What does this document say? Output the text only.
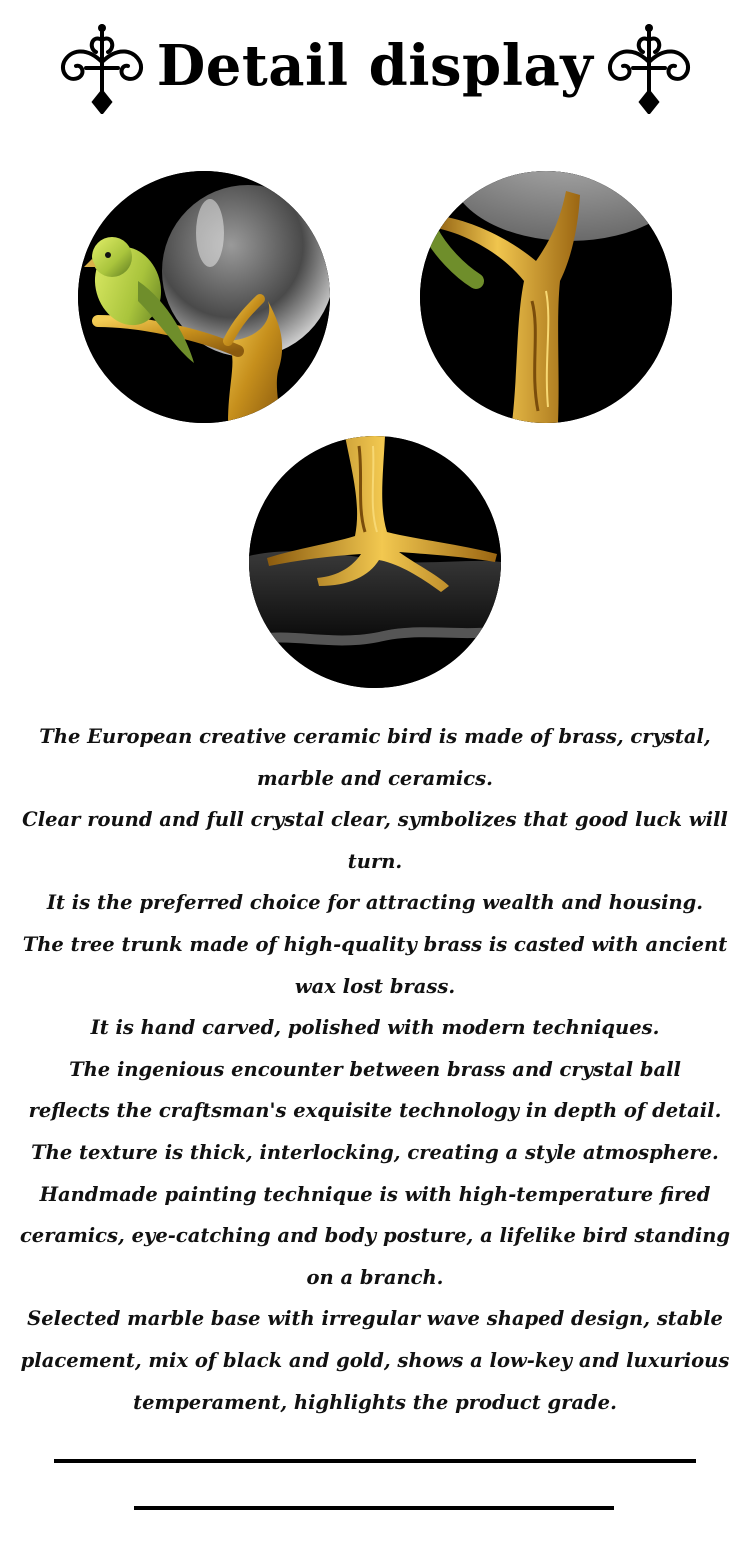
Detail display
The European creative ceramic bird is made of brass, crystal,
marble and ceramics.
Clear round and full crystal clear, symbolizes that good luck will
turn.
It is the preferred choice for attracting wealth and housing.
The tree trunk made of high-quality brass is casted with ancient
wax lost brass.
It is hand carved, polished with modern techniques.
The ingenious encounter between brass and crystal ball
reflects the craftsman's exquisite technology in depth of detail.
The texture is thick, interlocking, creating a style atmosphere.
Handmade painting technique is with high-temperature fired
ceramics, eye-catching and body posture, a lifelike bird standing
on a branch.
Selected marble base with irregular wave shaped design, stable
placement, mix of black and gold, shows a low-key and luxurious
temperament, highlights the product grade.
